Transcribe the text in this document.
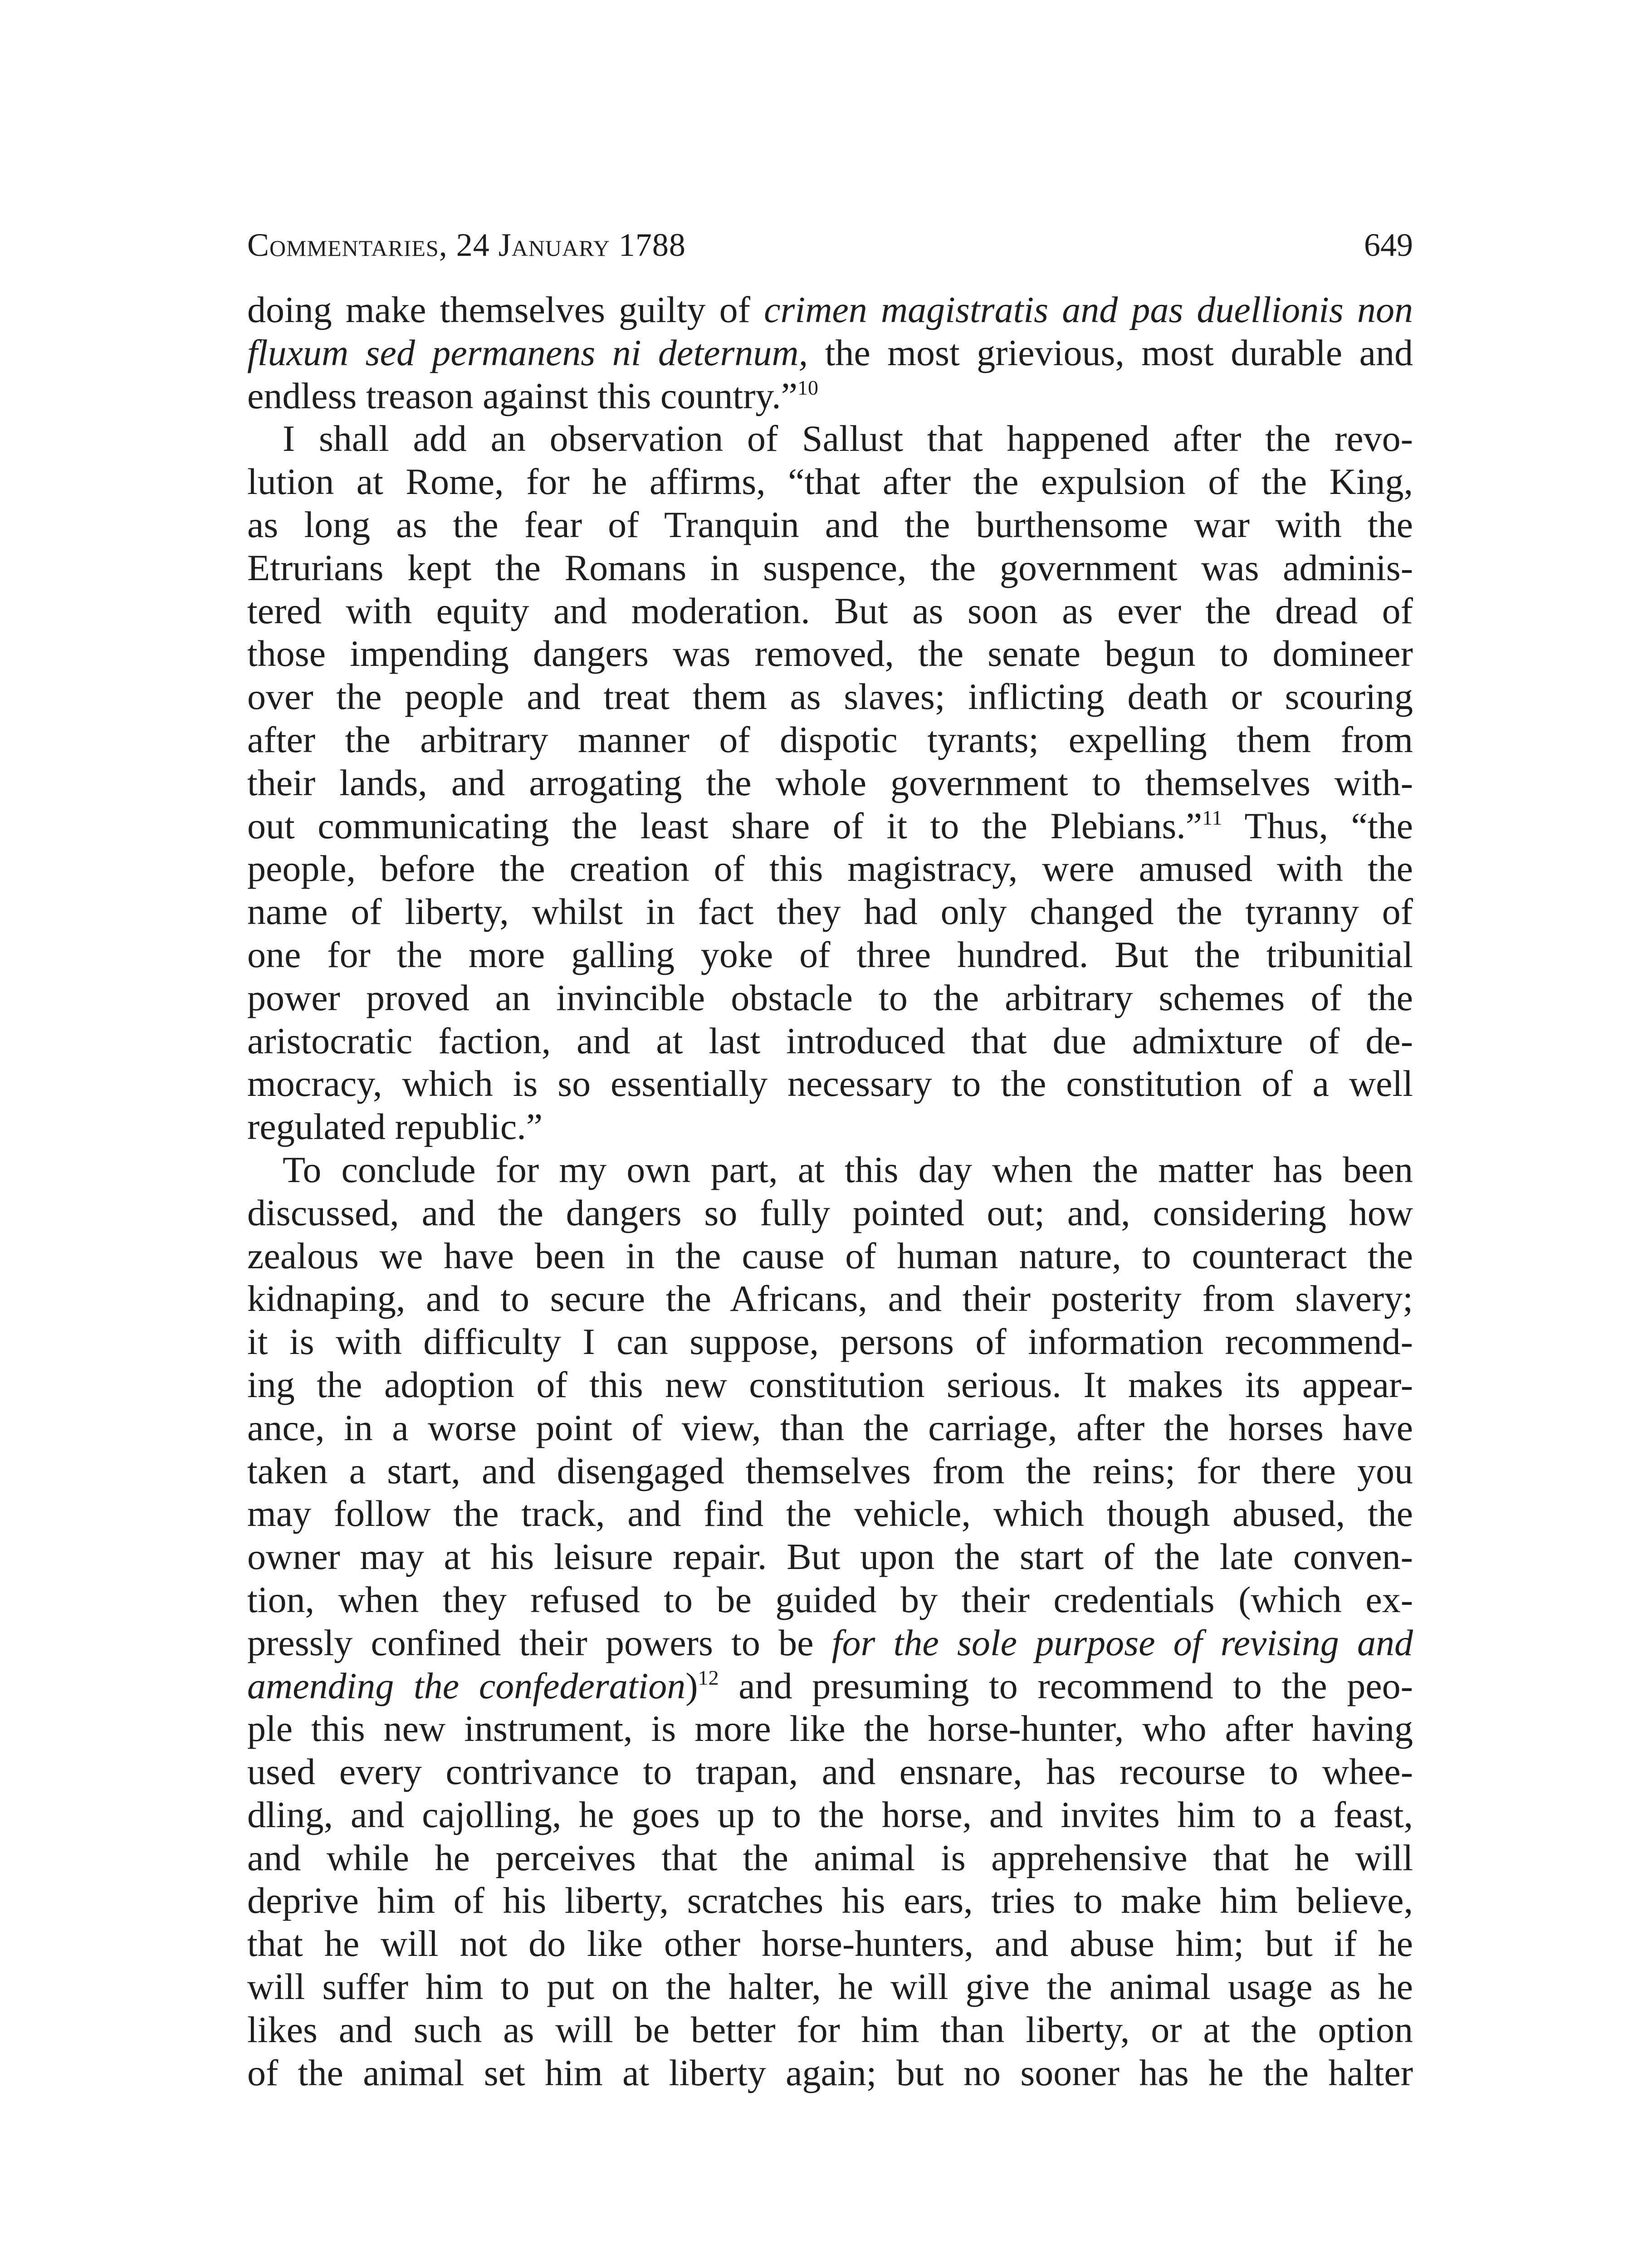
Commentaries, 24 January 1788	649
doing make themselves guilty of crimen magistratis and pas duellionis non
fluxum sed permanens ni deternum, the most grievious, most durable and
endless treason against this country.”$^{10}$
I shall add an observation of Sallust that happened after the revo-
lution at Rome, for he affirms, “that after the expulsion of the King,
as long as the fear of Tranquin and the burthensome war with the
Etrurians kept the Romans in suspence, the government was adminis-
tered with equity and moderation. But as soon as ever the dread of
those impending dangers was removed, the senate begun to domineer
over the people and treat them as slaves; inflicting death or scouring
after the arbitrary manner of dispotic tyrants; expelling them from
their lands, and arrogating the whole government to themselves with-
out communicating the least share of it to the Plebians.”$^{11}$ Thus, “the
people, before the creation of this magistracy, were amused with the
name of liberty, whilst in fact they had only changed the tyranny of
one for the more galling yoke of three hundred. But the tribunitial
power proved an invincible obstacle to the arbitrary schemes of the
aristocratic faction, and at last introduced that due admixture of de-
mocracy, which is so essentially necessary to the constitution of a well
regulated republic.”
To conclude for my own part, at this day when the matter has been
discussed, and the dangers so fully pointed out; and, considering how
zealous we have been in the cause of human nature, to counteract the
kidnaping, and to secure the Africans, and their posterity from slavery;
it is with difficulty I can suppose, persons of information recommend-
ing the adoption of this new constitution serious. It makes its appear-
ance, in a worse point of view, than the carriage, after the horses have
taken a start, and disengaged themselves from the reins; for there you
may follow the track, and find the vehicle, which though abused, the
owner may at his leisure repair. But upon the start of the late conven-
tion, when they refused to be guided by their credentials (which ex-
pressly confined their powers to be for the sole purpose of revising and
amending the confederation)$^{12}$ and presuming to recommend to the peo-
ple this new instrument, is more like the horse-hunter, who after having
used every contrivance to trapan, and ensnare, has recourse to whee-
dling, and cajolling, he goes up to the horse, and invites him to a feast,
and while he perceives that the animal is apprehensive that he will
deprive him of his liberty, scratches his ears, tries to make him believe,
that he will not do like other horse-hunters, and abuse him; but if he
will suffer him to put on the halter, he will give the animal usage as he
likes and such as will be better for him than liberty, or at the option
of the animal set him at liberty again; but no sooner has he the halter
